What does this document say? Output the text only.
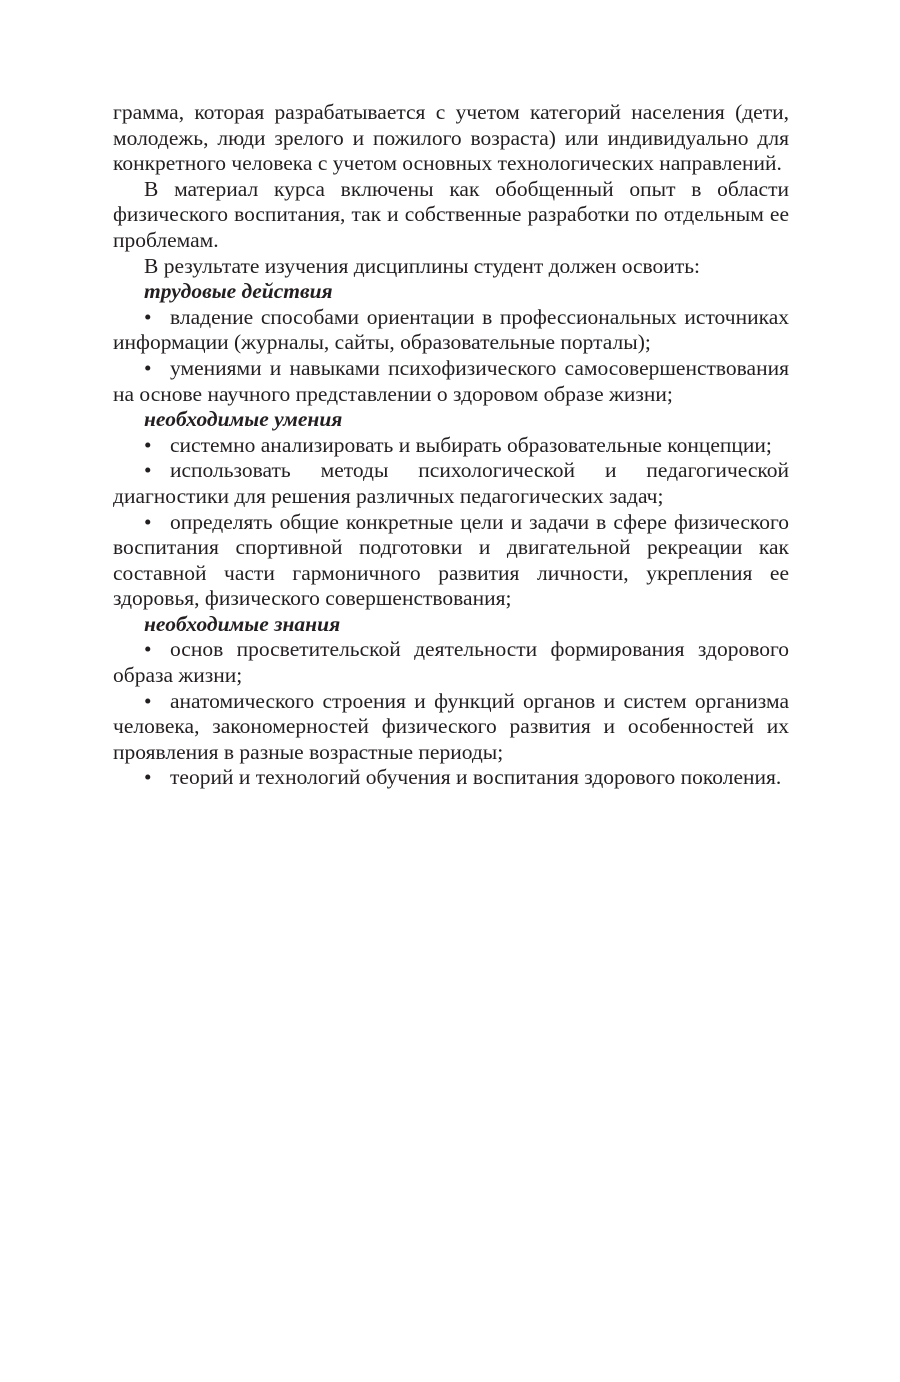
грамма, которая разрабатывается с учетом категорий населения (дети, молодежь, люди зрелого и пожилого возраста) или индивидуально для конкретного человека с учетом основных технологических направлений.

В материал курса включены как обобщенный опыт в области физического воспитания, так и собственные разработки по отдельным ее проблемам.

В результате изучения дисциплины студент должен освоить:

трудовые действия

• владение способами ориентации в профессиональных источниках информации (журналы, сайты, образовательные порталы);

• умениями и навыками психофизического самосовершенствования на основе научного представлении о здоровом образе жизни;

необходимые умения

• системно анализировать и выбирать образовательные концепции;

• использовать методы психологической и педагогической диагностики для решения различных педагогических задач;

• определять общие конкретные цели и задачи в сфере физического воспитания спортивной подготовки и двигательной рекреации как составной части гармоничного развития личности, укрепления ее здоровья, физического совершенствования;

необходимые знания

• основ просветительской деятельности формирования здорового образа жизни;

• анатомического строения и функций органов и систем организма человека, закономерностей физического развития и особенностей их проявления в разные возрастные периоды;

• теорий и технологий обучения и воспитания здорового поколения.
